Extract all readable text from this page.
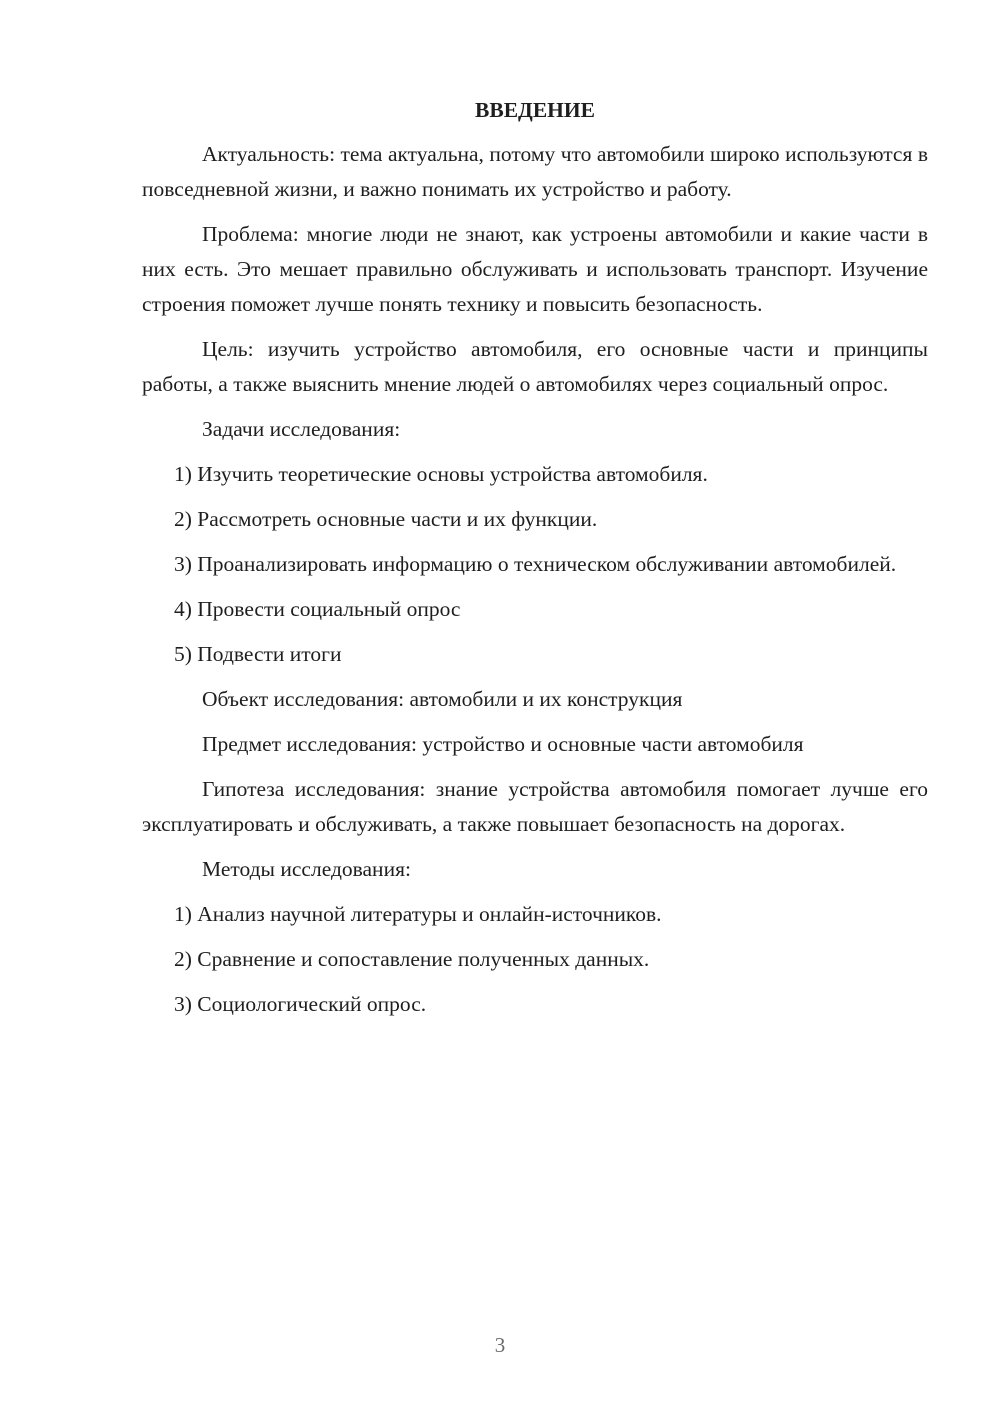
ВВЕДЕНИЕ

Актуальность: тема актуальна, потому что автомобили широко используются в повседневной жизни, и важно понимать их устройство и работу.

Проблема: многие люди не знают, как устроены автомобили и какие части в них есть. Это мешает правильно обслуживать и использовать транспорт. Изучение строения поможет лучше понять технику и повысить безопасность.

Цель: изучить устройство автомобиля, его основные части и принципы работы, а также выяснить мнение людей о автомобилях через социальный опрос.

Задачи исследования:

1) Изучить теоретические основы устройства автомобиля.

2) Рассмотреть основные части и их функции.

3) Проанализировать информацию о техническом обслуживании автомобилей.

4) Провести социальный опрос

5) Подвести итоги

Объект исследования: автомобили и их конструкция

Предмет исследования: устройство и основные части автомобиля

Гипотеза исследования: знание устройства автомобиля помогает лучше его эксплуатировать и обслуживать, а также повышает безопасность на дорогах.

Методы исследования:

1) Анализ научной литературы и онлайн-источников.

2) Сравнение и сопоставление полученных данных.

3) Социологический опрос.

3
